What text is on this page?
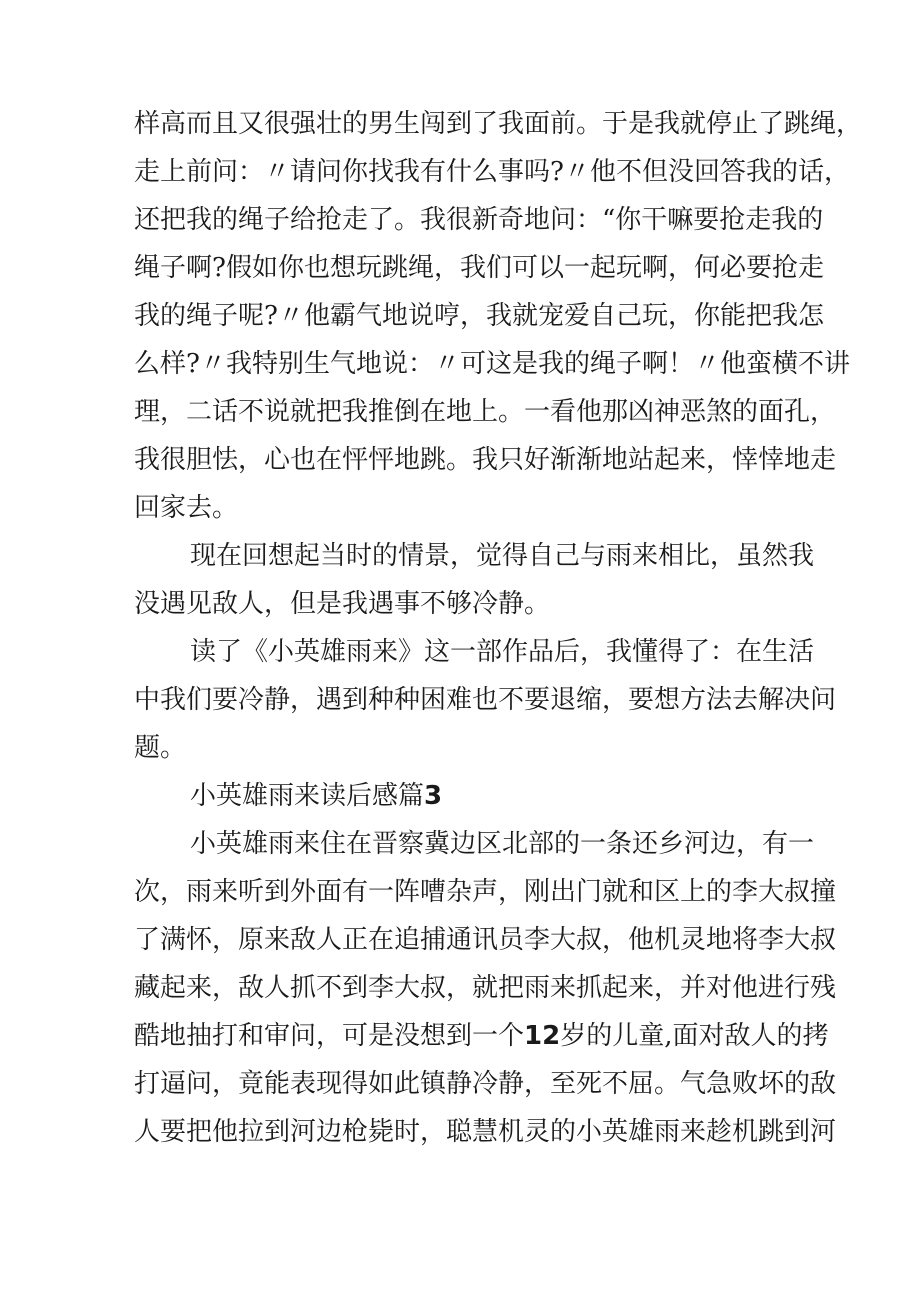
样高而且又很强壮的男生闯到了我面前。于是我就停止了跳绳，
走上前问：〃请问你找我有什么事吗?〃他不但没回答我的话，
还把我的绳子给抢走了。我很新奇地问：“你干嘛要抢走我的
绳子啊?假如你也想玩跳绳，我们可以一起玩啊，何必要抢走
我的绳子呢?〃他霸气地说哼，我就宠爱自己玩，你能把我怎
么样?〃我特别生气地说：〃可这是我的绳子啊！〃他蛮横不讲
理，二话不说就把我推倒在地上。一看他那凶神恶煞的面孔，
我很胆怯，心也在怦怦地跳。我只好渐渐地站起来，悻悻地走
回家去。
现在回想起当时的情景，觉得自己与雨来相比，虽然我
没遇见敌人，但是我遇事不够冷静。
读了《小英雄雨来》这一部作品后，我懂得了：在生活
中我们要冷静，遇到种种困难也不要退缩，要想方法去解决问
题。
小英雄雨来读后感篇3
小英雄雨来住在晋察冀边区北部的一条还乡河边，有一
次，雨来听到外面有一阵嘈杂声，刚出门就和区上的李大叔撞
了满怀，原来敌人正在追捕通讯员李大叔，他机灵地将李大叔
藏起来，敌人抓不到李大叔，就把雨来抓起来，并对他进行残
酷地抽打和审问，可是没想到一个12岁的儿童,面对敌人的拷
打逼问，竟能表现得如此镇静冷静，至死不屈。气急败坏的敌
人要把他拉到河边枪毙时，聪慧机灵的小英雄雨来趁机跳到河
